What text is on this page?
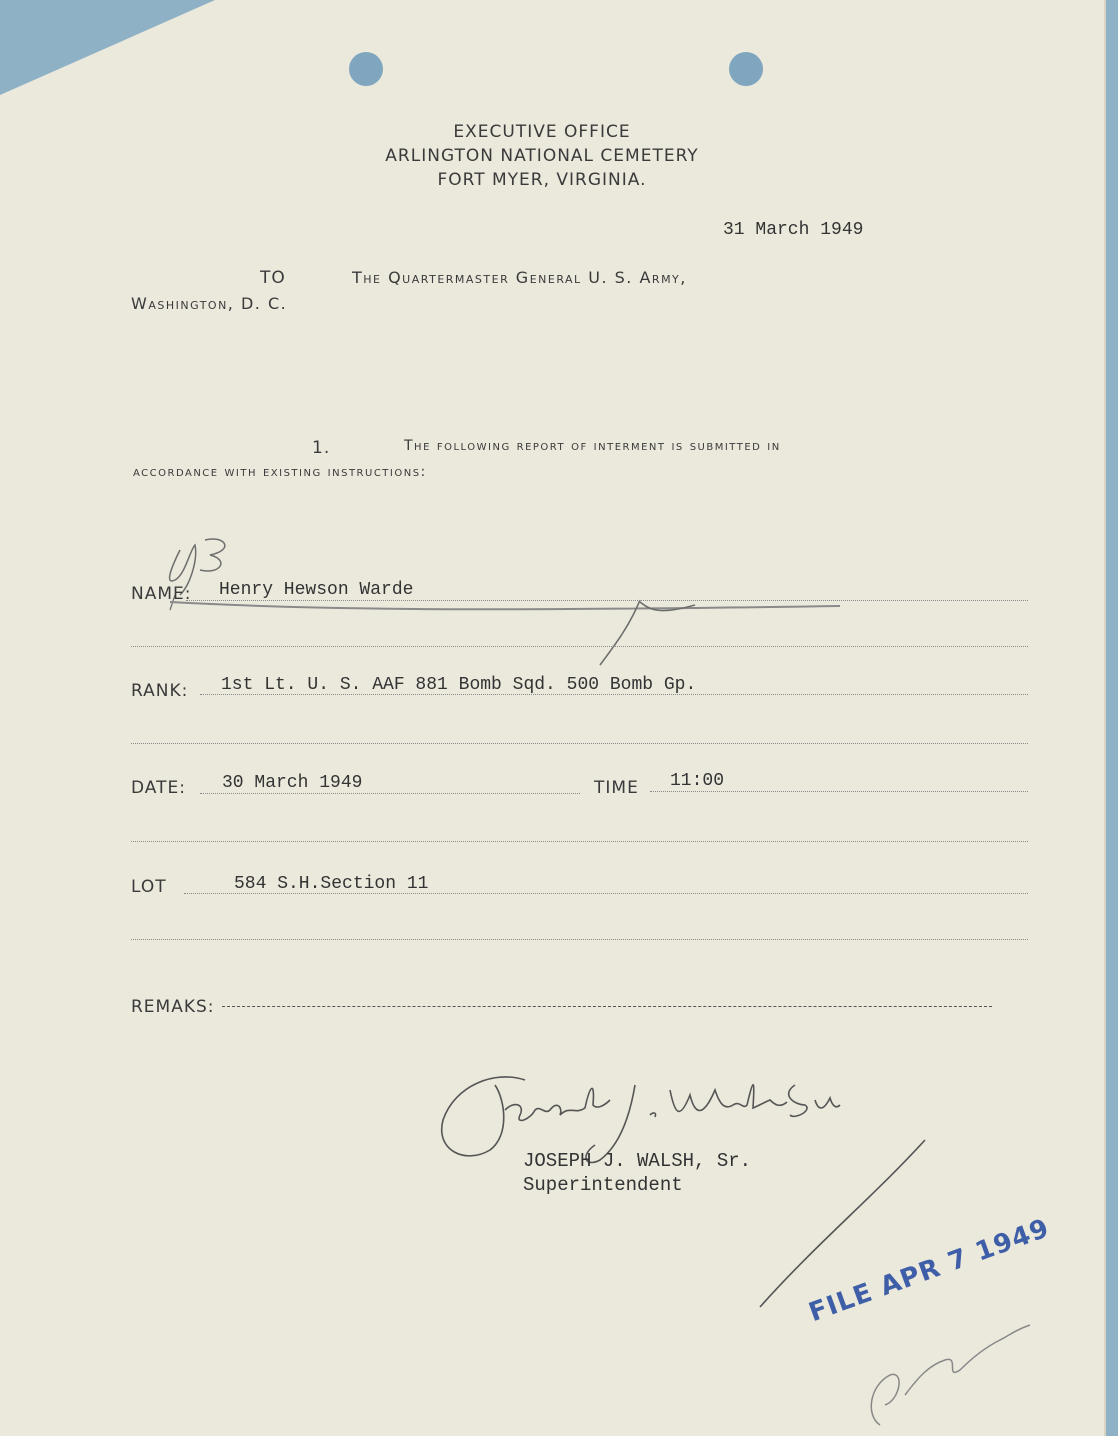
EXECUTIVE OFFICE
ARLINGTON NATIONAL CEMETERY
FORT MYER, VIRGINIA.
31 March 1949
TO	The Quartermaster General U. S. Army,
Washington, D. C.
1.	The following report of interment is submitted in
accordance with existing instructions:
NAME: Henry Hewson Warde
RANK: 1st Lt. U. S. AAF 881 Bomb Sqd. 500 Bomb Gp.
DATE: 30 March 1949	TIME 11:00
LOT	584 S.H.Section 11
REMAKS:
JOSEPH J. WALSH, Sr.
Superintendent
FILE APR 7 1949
